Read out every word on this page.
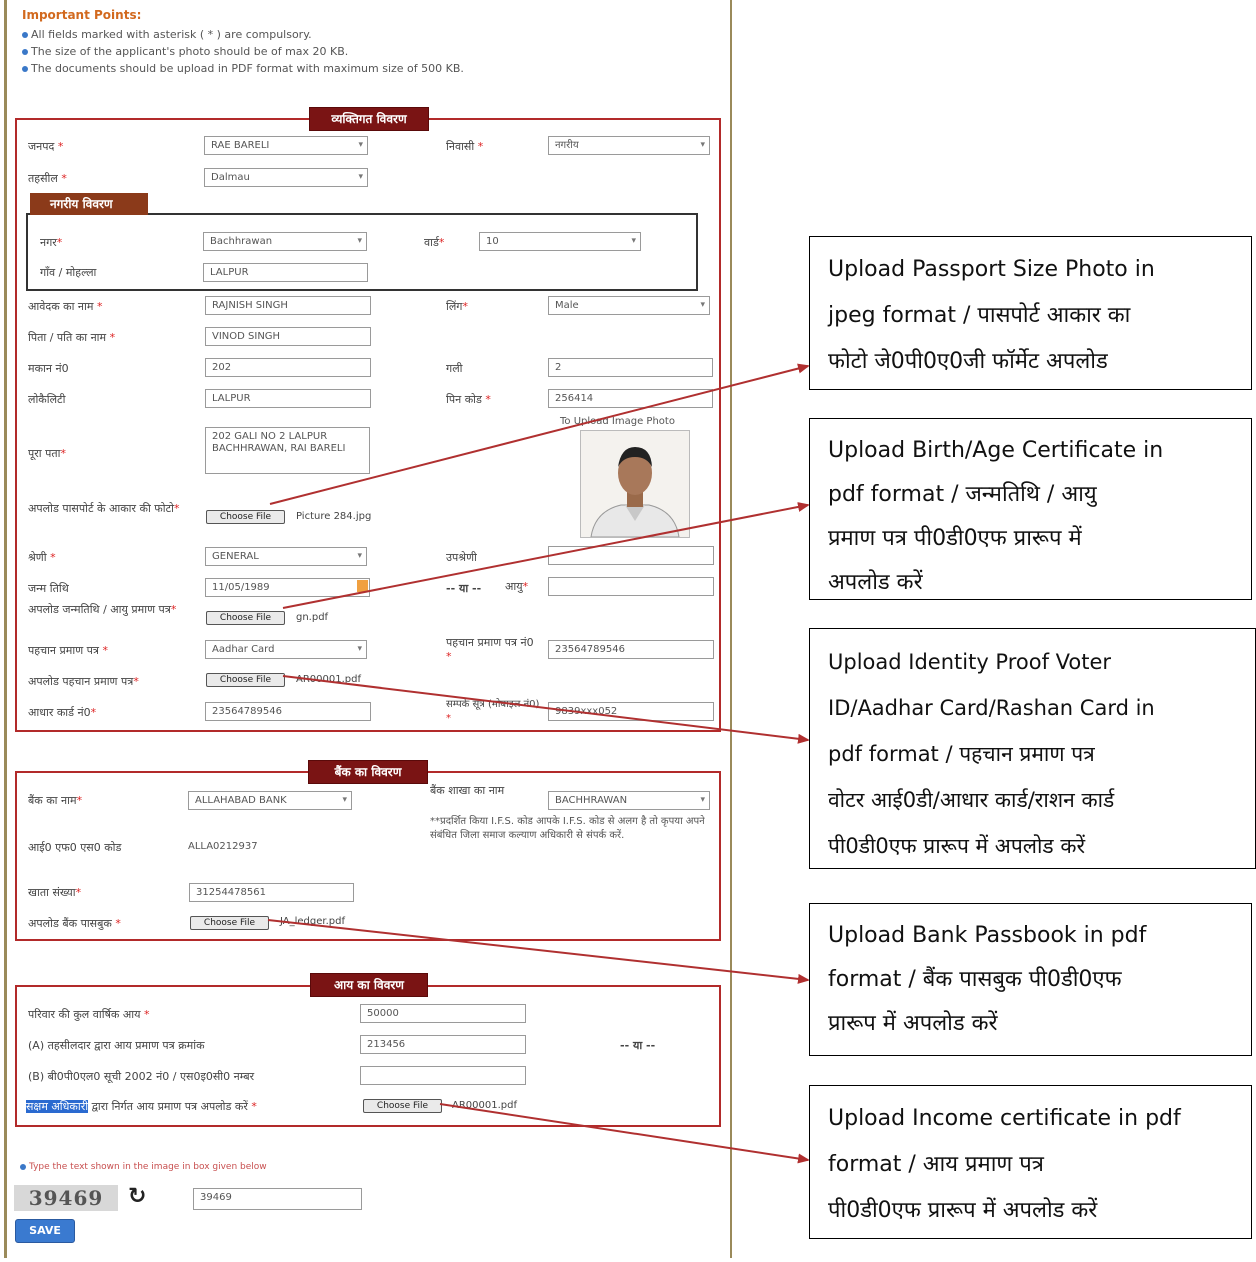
Important Points:
All fields marked with asterisk ( * ) are compulsory.
The size of the applicant's photo should be of max 20 KB.
The documents should be upload in PDF format with maximum size of 500 KB.
व्यक्तिगत विवरण
जनपद *	RAE BARELI ▾	निवासी *	नगरीय ▾
तहसील *	Dalmau ▾
नगरीय विवरण
नगर*	Bachhrawan ▾	वार्ड*	10 ▾
गाँव / मोहल्ला	LALPUR
आवेदक का नाम *	RAJNISH SINGH	लिंग*	Male ▾
पिता / पति का नाम *	VINOD SINGH
मकान नं0	202	गली	2
लोकैलिटी	LALPUR	पिन कोड *	256414
To Upload Image Photo
पूरा पता*
202 GALI NO 2 LALPUR BACHHRAWAN, RAI BARELI
अपलोड पासपोर्ट के आकार की फोटो*
Choose File	Picture 284.jpg
श्रेणी *	GENERAL ▾	उपश्रेणी
जन्म तिथि	11/05/1989	-- या -- आयु*
अपलोड जन्मतिथि / आयु प्रमाण पत्र*
Choose File	gn.pdf
पहचान प्रमाण पत्र *	Aadhar Card ▾
पहचान प्रमाण पत्र नं0 *
23564789546
अपलोड पहचान प्रमाण पत्र*	Choose File	AR00001.pdf
आधार कार्ड नं0*	23564789546
सम्पर्क सूत्र (मोबाइल नं0) *
9839xxx052
बैंक का विवरण
बैंक का नाम*	ALLAHABAD BANK ▾
बैंक शाखा का नाम
BACHHRAWAN ▾
**प्रदर्शित किया I.F.S. कोड आपके I.F.S. कोड से अलग है तो कृपया अपने संबंधित जिला समाज कल्याण अधिकारी से संपर्क करें.
आई0 एफ0 एस0 कोड	ALLA0212937
खाता संख्या*	31254478561
अपलोड बैंक पासबुक *	Choose File	JA_ledger.pdf
आय का विवरण
परिवार की कुल वार्षिक आय *	50000
(A) तहसीलदार द्वारा आय प्रमाण पत्र क्रमांक	213456	-- या --
(B) बी0पी0एल0 सूची 2002 नं0 / एस0इ0सी0 नम्बर
सक्षम अधिकारी द्वारा निर्गत आय प्रमाण पत्र अपलोड करें *	Choose File	AR00001.pdf
Type the text shown in the image in box given below
39469	↻	39469
SAVE
Upload Passport Size Photo in
jpeg format / पासपोर्ट आकार का
फोटो जे0पी0ए0जी फॉर्मेट अपलोड
Upload Birth/Age Certificate in
pdf format / जन्मतिथि / आयु
प्रमाण पत्र पी0डी0एफ प्रारूप में
अपलोड करें
Upload Identity Proof Voter
ID/Aadhar Card/Rashan Card in
pdf format / पहचान प्रमाण पत्र
वोटर आई0डी/आधार कार्ड/राशन कार्ड
पी0डी0एफ प्रारूप में अपलोड करें
Upload Bank Passbook in pdf
format / बैंक पासबुक पी0डी0एफ
प्रारूप में अपलोड करें
Upload Income certificate in pdf
format / आय प्रमाण पत्र
पी0डी0एफ प्रारूप में अपलोड करें
